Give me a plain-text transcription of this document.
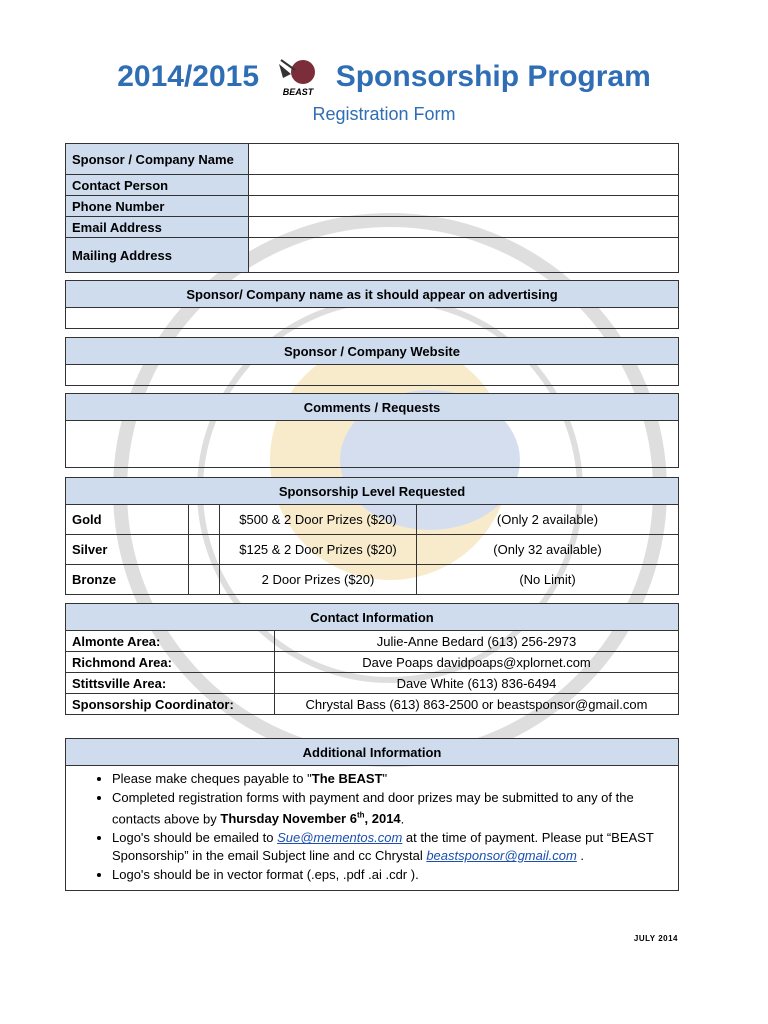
2014/2015	BEAST Sponsorship Program
Registration Form
Sponsor / Company Name	
Contact Person	
Phone Number	
Email Address	
Mailing Address	
Sponsor/ Company name as it should appear on advertising

Sponsor / Company Website

Comments / Requests

Sponsorship Level Requested			
Gold		$500 & 2 Door Prizes ($20)	(Only 2 available)
Silver		$125 & 2 Door Prizes ($20)	(Only 32 available)
Bronze		2 Door Prizes ($20)	(No Limit)
Contact Information	
Almonte Area:	Julie-Anne Bedard (613) 256-2973
Richmond Area:	Dave Poaps davidpoaps@xplornet.com
Stittsville Area:	Dave White (613) 836-6494
Sponsorship Coordinator:	Chrystal Bass (613) 863-2500 or beastsponsor@gmail.com
Additional Information

• Please make cheques payable to "The BEAST"
• Completed registration forms with payment and door prizes may be submitted to any of the contacts above by Thursday November 6th, 2014.
• Logo's should be emailed to Sue@mementos.com at the time of payment. Please put “BEAST Sponsorship” in the email Subject line and cc Chrystal beastsponsor@gmail.com .
• Logo's should be in vector format (.eps, .pdf .ai .cdr ).
JULY 2014
